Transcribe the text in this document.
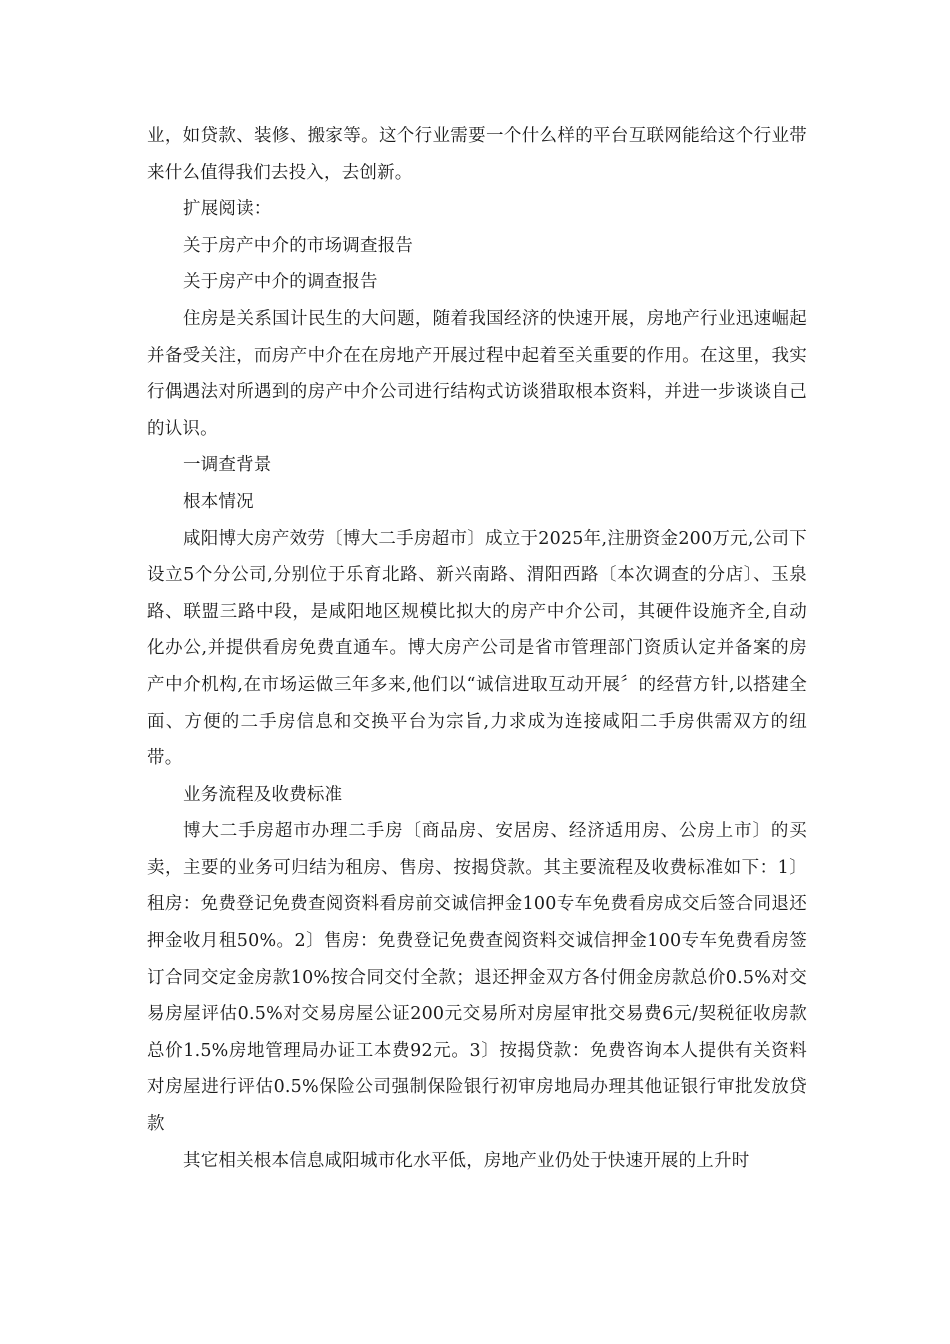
业，如贷款、装修、搬家等。这个行业需要一个什么样的平台互联网能给这个行业带来什么值得我们去投入，去创新。

扩展阅读：

关于房产中介的市场调查报告

关于房产中介的调查报告

住房是关系国计民生的大问题，随着我国经济的快速开展，房地产行业迅速崛起并备受关注，而房产中介在在房地产开展过程中起着至关重要的作用。在这里，我实行偶遇法对所遇到的房产中介公司进行结构式访谈猎取根本资料，并进一步谈谈自己的认识。

一调查背景

根本情况

咸阳博大房产效劳〔博大二手房超市〕成立于2025年,注册资金200万元,公司下设立5个分公司,分别位于乐育北路、新兴南路、渭阳西路〔本次调查的分店〕、玉泉路、联盟三路中段，是咸阳地区规模比拟大的房产中介公司，其硬件设施齐全,自动化办公,并提供看房免费直通车。博大房产公司是省市管理部门资质认定并备案的房产中介机构,在市场运做三年多来,他们以“诚信进取互动开展〞的经营方针,以搭建全面、方便的二手房信息和交换平台为宗旨,力求成为连接咸阳二手房供需双方的纽带。

业务流程及收费标准

博大二手房超市办理二手房〔商品房、安居房、经济适用房、公房上市〕的买卖，主要的业务可归结为租房、售房、按揭贷款。其主要流程及收费标准如下：1〕租房：免费登记免费查阅资料看房前交诚信押金100专车免费看房成交后签合同退还押金收月租50%。2〕售房：免费登记免费查阅资料交诚信押金100专车免费看房签订合同交定金房款10%按合同交付全款；退还押金双方各付佣金房款总价0.5%对交易房屋评估0.5%对交易房屋公证200元交易所对房屋审批交易费6元/契税征收房款总价1.5%房地管理局办证工本费92元。3〕按揭贷款：免费咨询本人提供有关资料对房屋进行评估0.5%保险公司强制保险银行初审房地局办理其他证银行审批发放贷款

其它相关根本信息咸阳城市化水平低，房地产业仍处于快速开展的上升时
